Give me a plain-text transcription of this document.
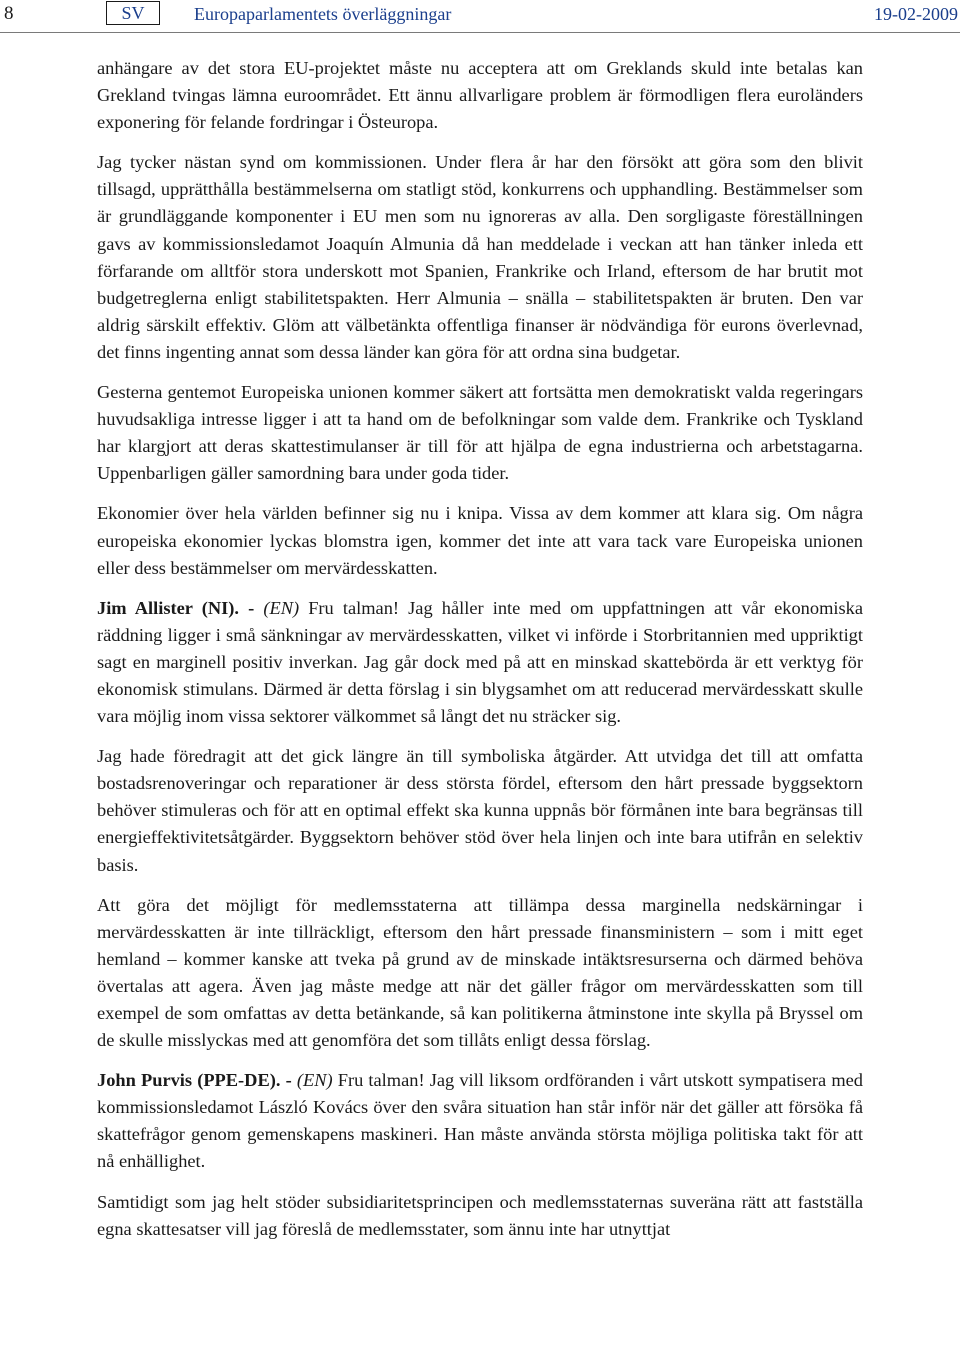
8	SV	Europaparlamentets överläggningar	19-02-2009

anhängare av det stora EU-projektet måste nu acceptera att om Greklands skuld inte betalas kan Grekland tvingas lämna euroområdet. Ett ännu allvarligare problem är förmodligen flera euroländers exponering för felande fordringar i Östeuropa.

Jag tycker nästan synd om kommissionen. Under flera år har den försökt att göra som den blivit tillsagd, upprätthålla bestämmelserna om statligt stöd, konkurrens och upphandling. Bestämmelser som är grundläggande komponenter i EU men som nu ignoreras av alla. Den sorgligaste föreställningen gavs av kommissionsledamot Joaquín Almunia då han meddelade i veckan att han tänker inleda ett förfarande om alltför stora underskott mot Spanien, Frankrike och Irland, eftersom de har brutit mot budgetreglerna enligt stabilitetspakten. Herr Almunia – snälla – stabilitetspakten är bruten. Den var aldrig särskilt effektiv. Glöm att välbetänkta offentliga finanser är nödvändiga för eurons överlevnad, det finns ingenting annat som dessa länder kan göra för att ordna sina budgetar.

Gesterna gentemot Europeiska unionen kommer säkert att fortsätta men demokratiskt valda regeringars huvudsakliga intresse ligger i att ta hand om de befolkningar som valde dem. Frankrike och Tyskland har klargjort att deras skattestimulanser är till för att hjälpa de egna industrierna och arbetstagarna. Uppenbarligen gäller samordning bara under goda tider.

Ekonomier över hela världen befinner sig nu i knipa. Vissa av dem kommer att klara sig. Om några europeiska ekonomier lyckas blomstra igen, kommer det inte att vara tack vare Europeiska unionen eller dess bestämmelser om mervärdesskatten.

Jim Allister (NI). - (EN) Fru talman! Jag håller inte med om uppfattningen att vår ekonomiska räddning ligger i små sänkningar av mervärdesskatten, vilket vi införde i Storbritannien med uppriktigt sagt en marginell positiv inverkan. Jag går dock med på att en minskad skattebörda är ett verktyg för ekonomisk stimulans. Därmed är detta förslag i sin blygsamhet om att reducerad mervärdesskatt skulle vara möjlig inom vissa sektorer välkommet så långt det nu sträcker sig.

Jag hade föredragit att det gick längre än till symboliska åtgärder. Att utvidga det till att omfatta bostadsrenoveringar och reparationer är dess största fördel, eftersom den hårt pressade byggsektorn behöver stimuleras och för att en optimal effekt ska kunna uppnås bör förmånen inte bara begränsas till energieffektivitetsåtgärder. Byggsektorn behöver stöd över hela linjen och inte bara utifrån en selektiv basis.

Att göra det möjligt för medlemsstaterna att tillämpa dessa marginella nedskärningar i mervärdesskatten är inte tillräckligt, eftersom den hårt pressade finansministern – som i mitt eget hemland – kommer kanske att tveka på grund av de minskade intäktsresurserna och därmed behöva övertalas att agera. Även jag måste medge att när det gäller frågor om mervärdesskatten som till exempel de som omfattas av detta betänkande, så kan politikerna åtminstone inte skylla på Bryssel om de skulle misslyckas med att genomföra det som tillåts enligt dessa förslag.

John Purvis (PPE-DE). - (EN) Fru talman! Jag vill liksom ordföranden i vårt utskott sympatisera med kommissionsledamot László Kovács över den svåra situation han står inför när det gäller att försöka få skattefrågor genom gemenskapens maskineri. Han måste använda största möjliga politiska takt för att nå enhällighet.

Samtidigt som jag helt stöder subsidiaritetsprincipen och medlemsstaternas suveräna rätt att fastställa egna skattesatser vill jag föreslå de medlemsstater, som ännu inte har utnyttjat
